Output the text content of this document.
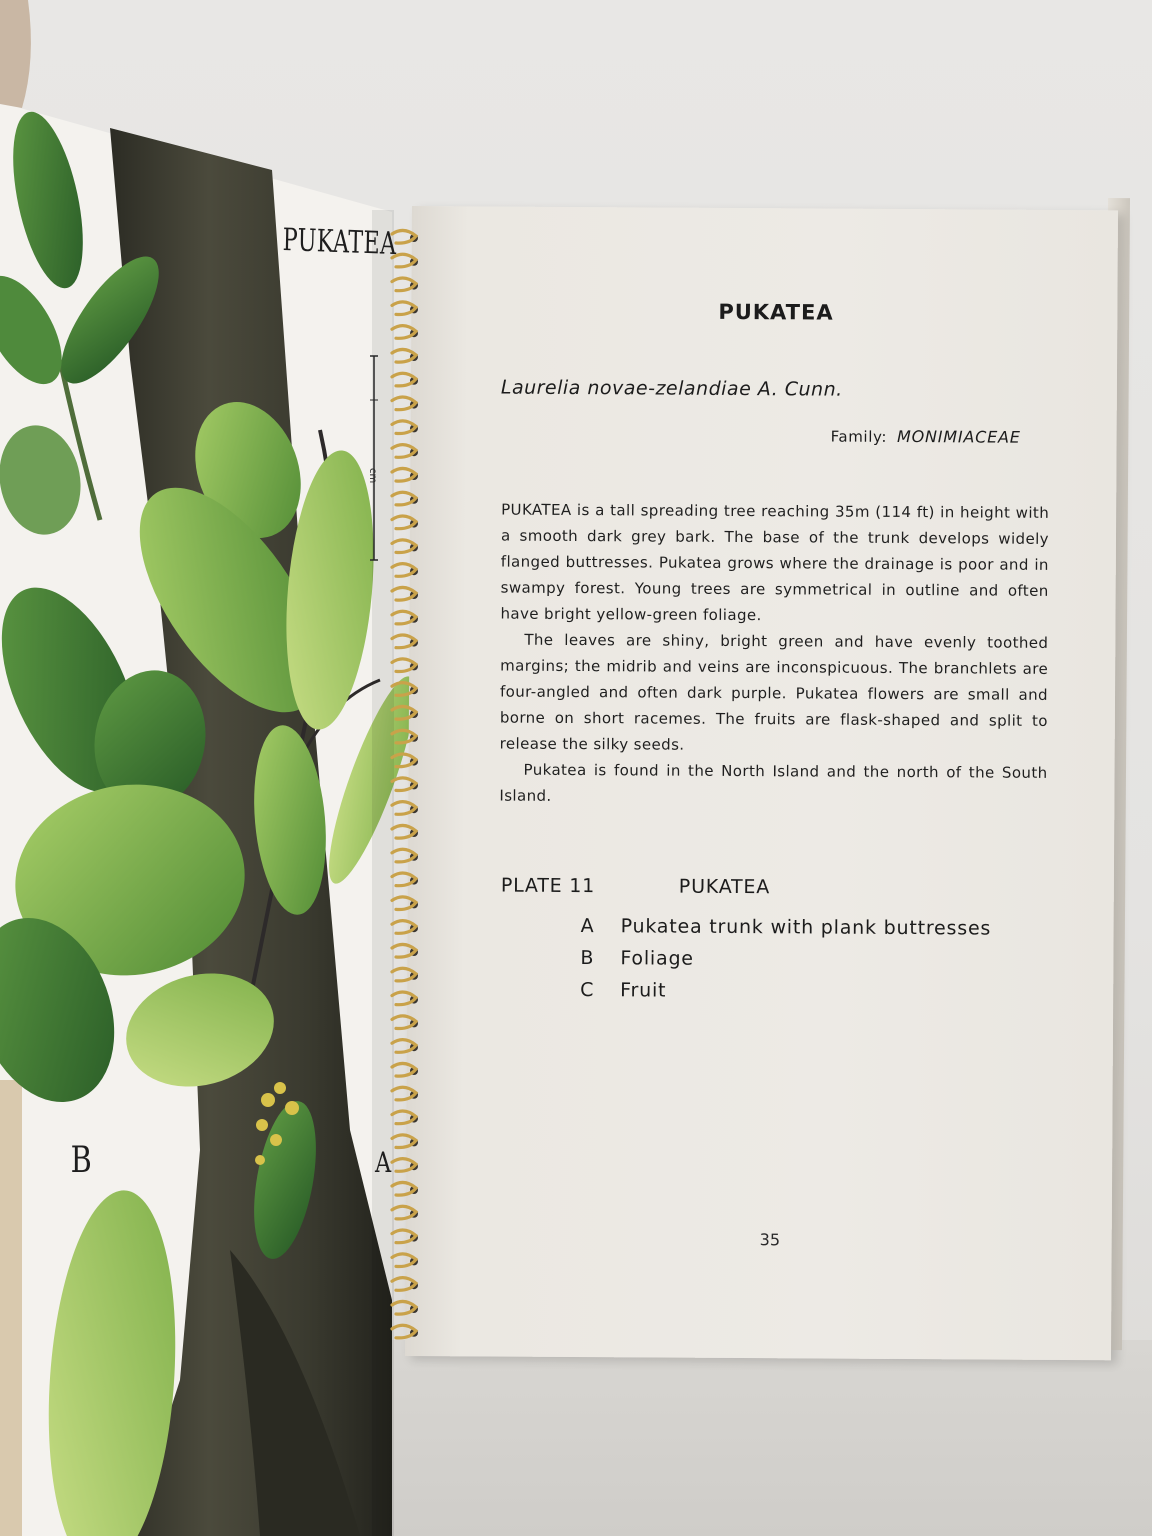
PUKATEA
cm
B	A
PUKATEA
Laurelia novae-zelandiae A. Cunn.
Family: MONIMIACEAE

PUKATEA is a tall spreading tree reaching 35m (114 ft) in height with a smooth dark grey bark. The base of the trunk develops widely flanged buttresses. Pukatea grows where the drainage is poor and in swampy forest. Young trees are symmetrical in outline and often have bright yellow-green foliage.

The leaves are shiny, bright green and have evenly toothed margins; the midrib and veins are inconspicuous. The branchlets are four-angled and often dark purple. Pukatea flowers are small and borne on short racemes. The fruits are flask-shaped and split to release the silky seeds.

Pukatea is found in the North Island and the north of the South Island.

PLATE 11	PUKATEA
A Pukatea trunk with plank buttresses
B Foliage
C Fruit
35
